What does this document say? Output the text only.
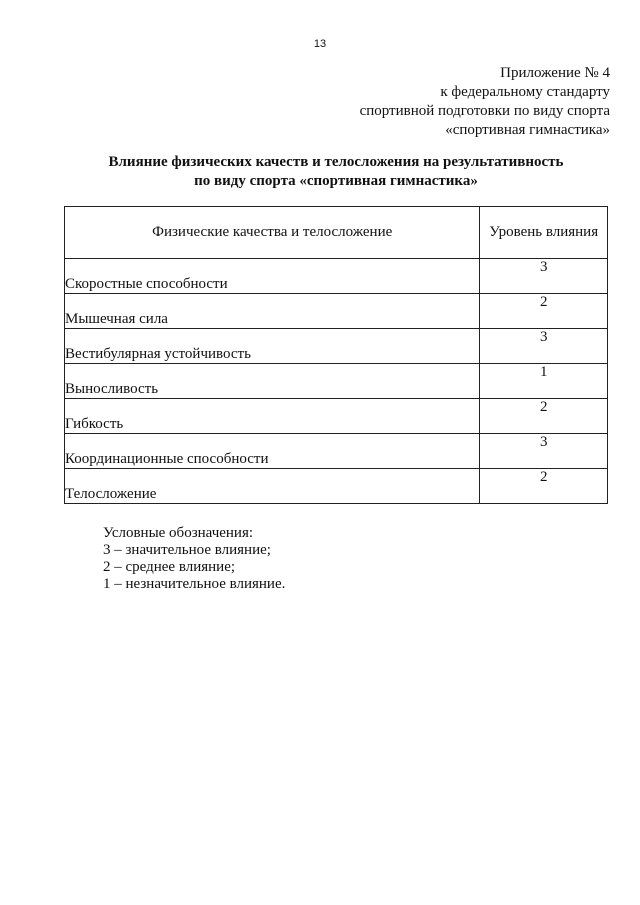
13
Приложение № 4
к федеральному стандарту
спортивной подготовки по виду спорта
«спортивная гимнастика»
Влияние физических качеств и телосложения на результативность
по виду спорта «спортивная гимнастика»
Физические качества и телосложение	Уровень влияния
Скоростные способности	3
Мышечная сила	2
Вестибулярная устойчивость	3
Выносливость	1
Гибкость	2
Координационные способности	3
Телосложение	2
Условные обозначения:
3 – значительное влияние;
2 – среднее влияние;
1 – незначительное влияние.
